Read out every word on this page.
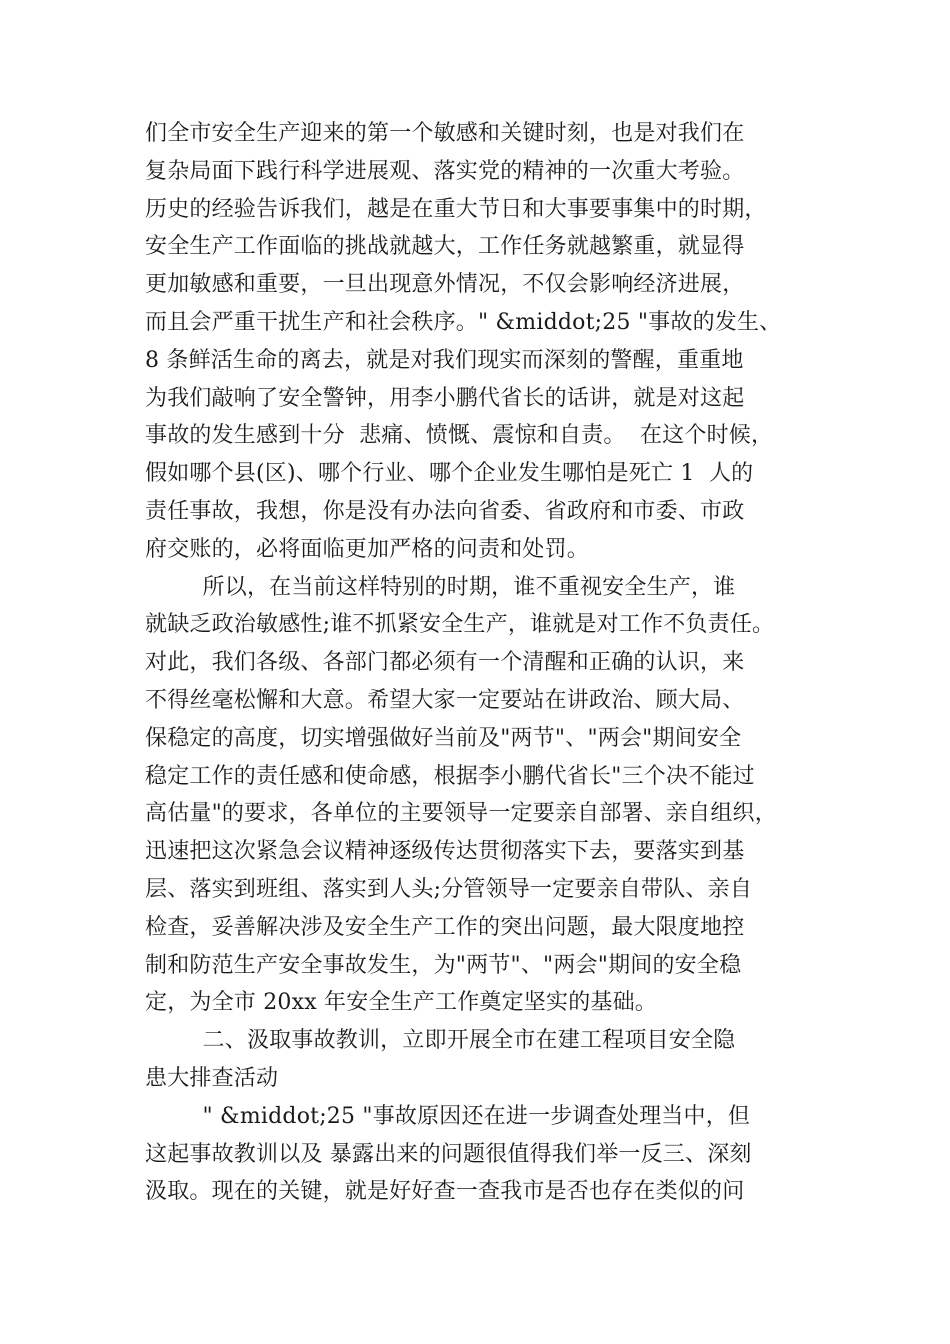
们全市安全生产迎来的第一个敏感和关键时刻，也是对我们在
复杂局面下践行科学进展观、落实党的精神的一次重大考验。
历史的经验告诉我们，越是在重大节日和大事要事集中的时期，
安全生产工作面临的挑战就越大，工作任务就越繁重，就显得
更加敏感和重要，一旦出现意外情况，不仅会影响经济进展，
而且会严重干扰生产和社会秩序。" &middot;25 "事故的发生、
8 条鲜活生命的离去，就是对我们现实而深刻的警醒，重重地
为我们敲响了安全警钟，用李小鹏代省长的话讲，就是对这起
事故的发生感到十分  悲痛、愤慨、震惊和自责。  在这个时候，
假如哪个县(区)、哪个行业、哪个企业发生哪怕是死亡 1  人的
责任事故，我想，你是没有办法向省委、省政府和市委、市政
府交账的，必将面临更加严格的问责和处罚。
所以，在当前这样特别的时期，谁不重视安全生产，谁
就缺乏政治敏感性;谁不抓紧安全生产，谁就是对工作不负责任。
对此，我们各级、各部门都必须有一个清醒和正确的认识，来
不得丝毫松懈和大意。希望大家一定要站在讲政治、顾大局、
保稳定的高度，切实增强做好当前及"两节"、"两会"期间安全
稳定工作的责任感和使命感，根据李小鹏代省长"三个决不能过
高估量"的要求，各单位的主要领导一定要亲自部署、亲自组织，
迅速把这次紧急会议精神逐级传达贯彻落实下去，要落实到基
层、落实到班组、落实到人头;分管领导一定要亲自带队、亲自
检查，妥善解决涉及安全生产工作的突出问题，最大限度地控
制和防范生产安全事故发生，为"两节"、"两会"期间的安全稳
定，为全市 20xx 年安全生产工作奠定坚实的基础。
二、汲取事故教训，立即开展全市在建工程项目安全隐
患大排查活动
" &middot;25 "事故原因还在进一步调查处理当中，但
这起事故教训以及 暴露出来的问题很值得我们举一反三、深刻
汲取。现在的关键，就是好好查一查我市是否也存在类似的问
